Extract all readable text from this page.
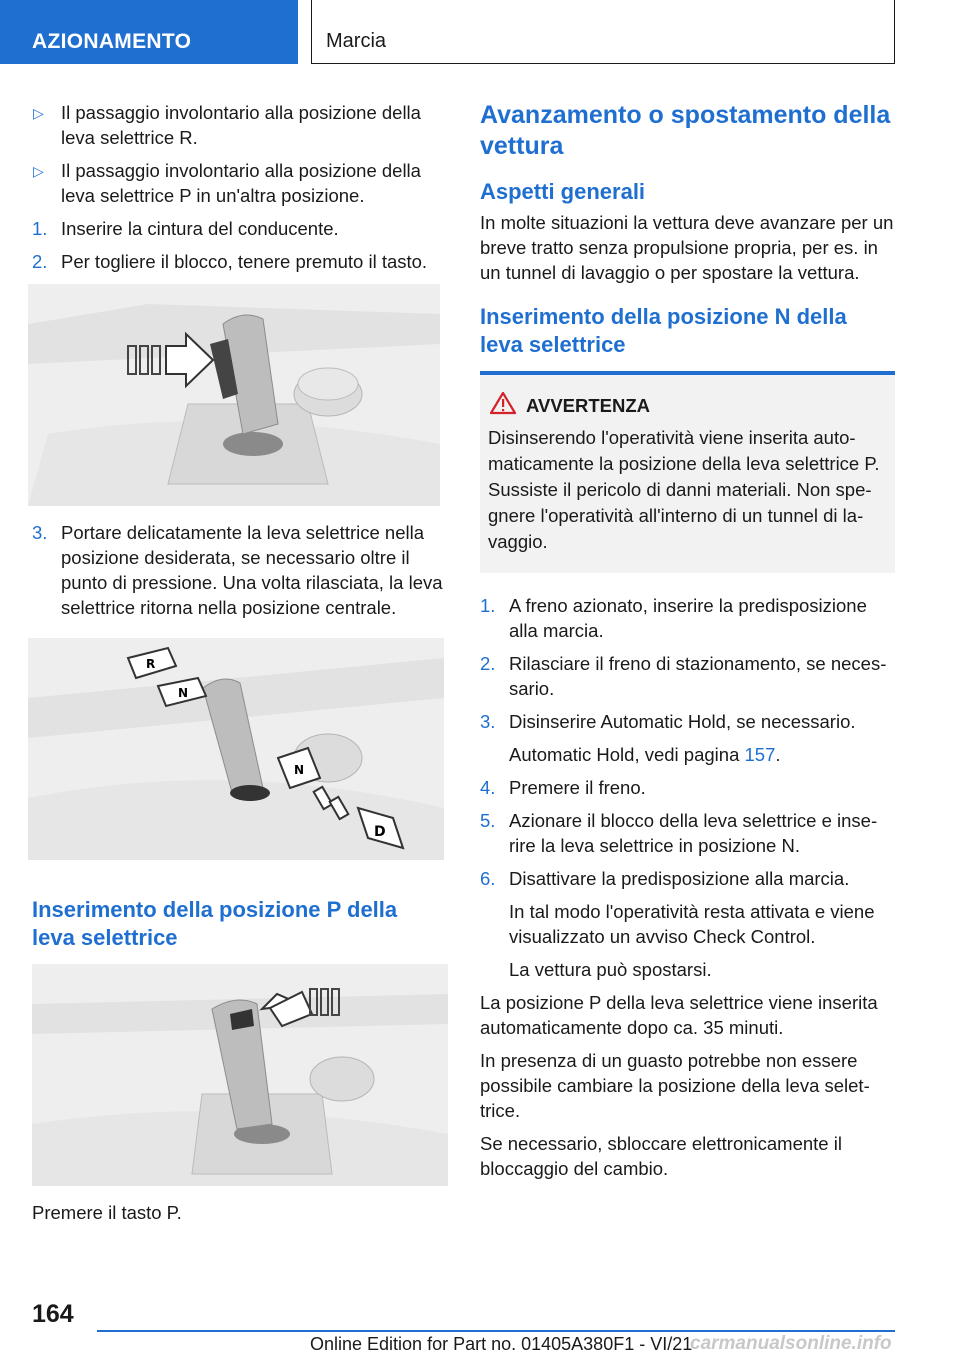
AZIONAMENTO	Marcia
▷ Il passaggio involontario alla posizione della leva selettrice R.
▷ Il passaggio involontario alla posizione della leva selettrice P in un'altra posizione.
1. Inserire la cintura del conducente.
2. Per togliere il blocco, tenere premuto il tasto.
3. Portare delicatamente la leva selettrice nella posizione desiderata, se necessario oltre il punto di pressione. Una volta rilasciata, la leva selettrice ritorna nella posizione centrale.
R
N
N
D
Inserimento della posizione P della leva selettrice

Premere il tasto P.

Avanzamento o spostamento della vettura
Aspetti generali

In molte situazioni la vettura deve avanzare per un breve tratto senza propulsione propria, per es. in un tunnel di lavaggio o per spostare la vettura.

Inserimento della posizione N della leva selettrice
AVVERTENZA

Disinserendo l'operatività viene inserita auto-maticamente la posizione della leva selettrice P. Sussiste il pericolo di danni materiali. Non spe-gnere l'operatività all'interno di un tunnel di la-vaggio.

1. A freno azionato, inserire la predisposizione alla marcia.
2. Rilasciare il freno di stazionamento, se neces-sario.
3. Disinserire Automatic Hold, se necessario.
Automatic Hold, vedi pagina 157.
4. Premere il freno.
5. Azionare il blocco della leva selettrice e inse-rire la leva selettrice in posizione N.
6. Disattivare la predisposizione alla marcia.
In tal modo l'operatività resta attivata e viene visualizzato un avviso Check Control.
La vettura può spostarsi.

La posizione P della leva selettrice viene inserita automaticamente dopo ca. 35 minuti.

In presenza di un guasto potrebbe non essere possibile cambiare la posizione della leva selet-trice.

Se necessario, sbloccare elettronicamente il bloccaggio del cambio.

164
Online Edition for Part no. 01405A380F1 - VI/21
carmanualsonline.info
